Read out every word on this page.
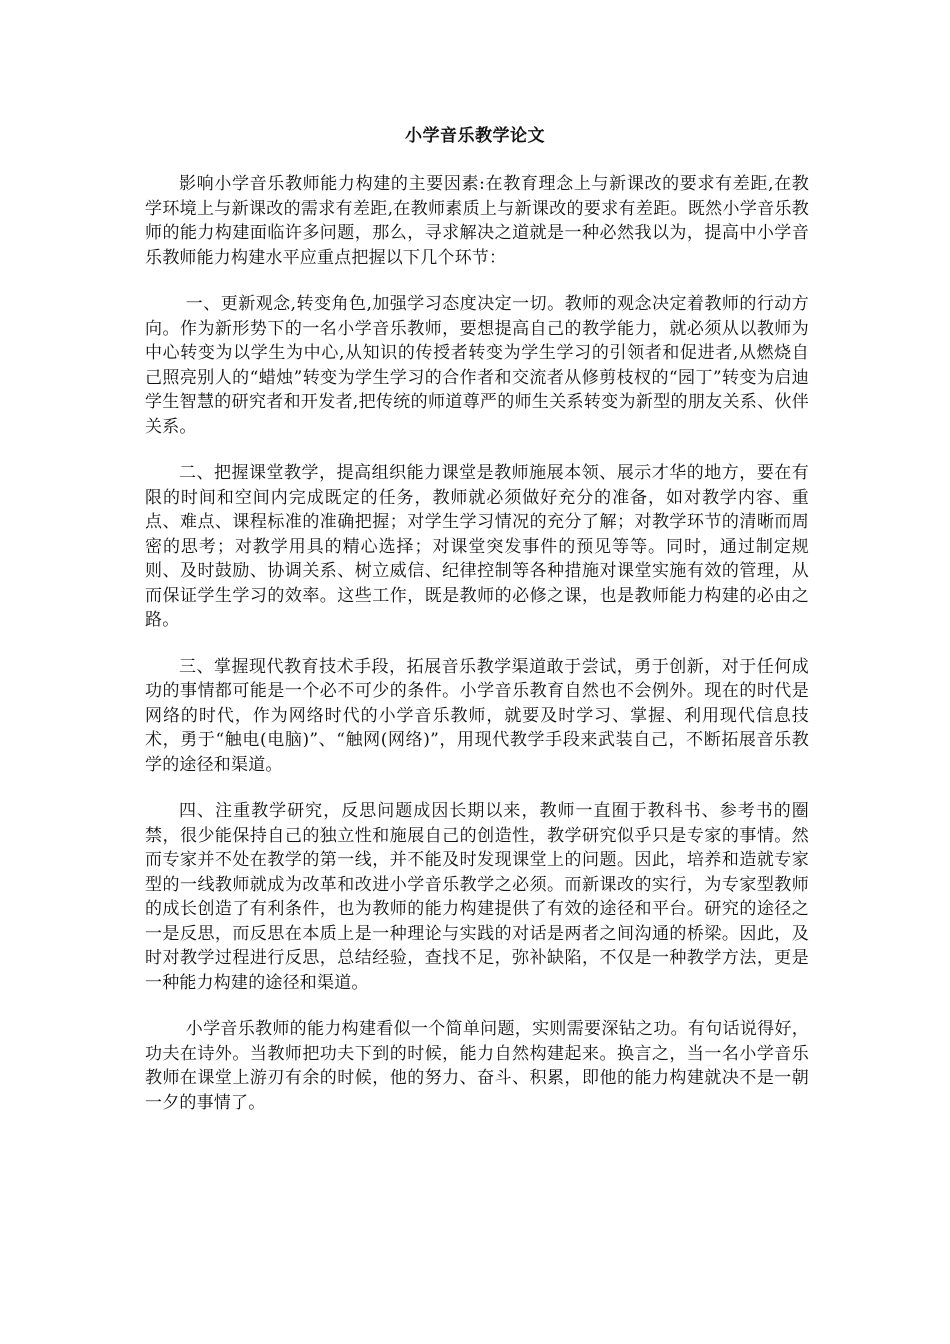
小学音乐教学论文

影响小学音乐教师能力构建的主要因素:在教育理念上与新课改的要求有差距,在教学环境上与新课改的需求有差距,在教师素质上与新课改的要求有差距。既然小学音乐教师的能力构建面临许多问题，那么，寻求解决之道就是一种必然我以为，提高中小学音乐教师能力构建水平应重点把握以下几个环节：

一、更新观念,转变角色,加强学习态度决定一切。教师的观念决定着教师的行动方向。作为新形势下的一名小学音乐教师，要想提高自己的教学能力，就必须从以教师为中心转变为以学生为中心,从知识的传授者转变为学生学习的引领者和促进者,从燃烧自己照亮别人的“蜡烛”转变为学生学习的合作者和交流者从修剪枝杈的“园丁”转变为启迪学生智慧的研究者和开发者,把传统的师道尊严的师生关系转变为新型的朋友关系、伙伴关系。

二、把握课堂教学，提高组织能力课堂是教师施展本领、展示才华的地方，要在有限的时间和空间内完成既定的任务，教师就必须做好充分的准备，如对教学内容、重点、难点、课程标准的准确把握；对学生学习情况的充分了解；对教学环节的清晰而周密的思考；对教学用具的精心选择；对课堂突发事件的预见等等。同时，通过制定规则、及时鼓励、协调关系、树立威信、纪律控制等各种措施对课堂实施有效的管理，从而保证学生学习的效率。这些工作，既是教师的必修之课，也是教师能力构建的必由之路。

三、掌握现代教育技术手段，拓展音乐教学渠道敢于尝试，勇于创新，对于任何成功的事情都可能是一个必不可少的条件。小学音乐教育自然也不会例外。现在的时代是网络的时代，作为网络时代的小学音乐教师，就要及时学习、掌握、利用现代信息技术，勇于“触电(电脑)”、“触网(网络)”，用现代教学手段来武装自己，不断拓展音乐教学的途径和渠道。

四、注重教学研究，反思问题成因长期以来，教师一直囿于教科书、参考书的圈禁，很少能保持自己的独立性和施展自己的创造性，教学研究似乎只是专家的事情。然而专家并不处在教学的第一线，并不能及时发现课堂上的问题。因此，培养和造就专家型的一线教师就成为改革和改进小学音乐教学之必须。而新课改的实行，为专家型教师的成长创造了有利条件，也为教师的能力构建提供了有效的途径和平台。研究的途径之一是反思，而反思在本质上是一种理论与实践的对话是两者之间沟通的桥梁。因此，及时对教学过程进行反思，总结经验，查找不足，弥补缺陷，不仅是一种教学方法，更是一种能力构建的途径和渠道。

小学音乐教师的能力构建看似一个简单问题，实则需要深钻之功。有句话说得好，功夫在诗外。当教师把功夫下到的时候，能力自然构建起来。换言之，当一名小学音乐教师在课堂上游刃有余的时候，他的努力、奋斗、积累，即他的能力构建就决不是一朝一夕的事情了。
